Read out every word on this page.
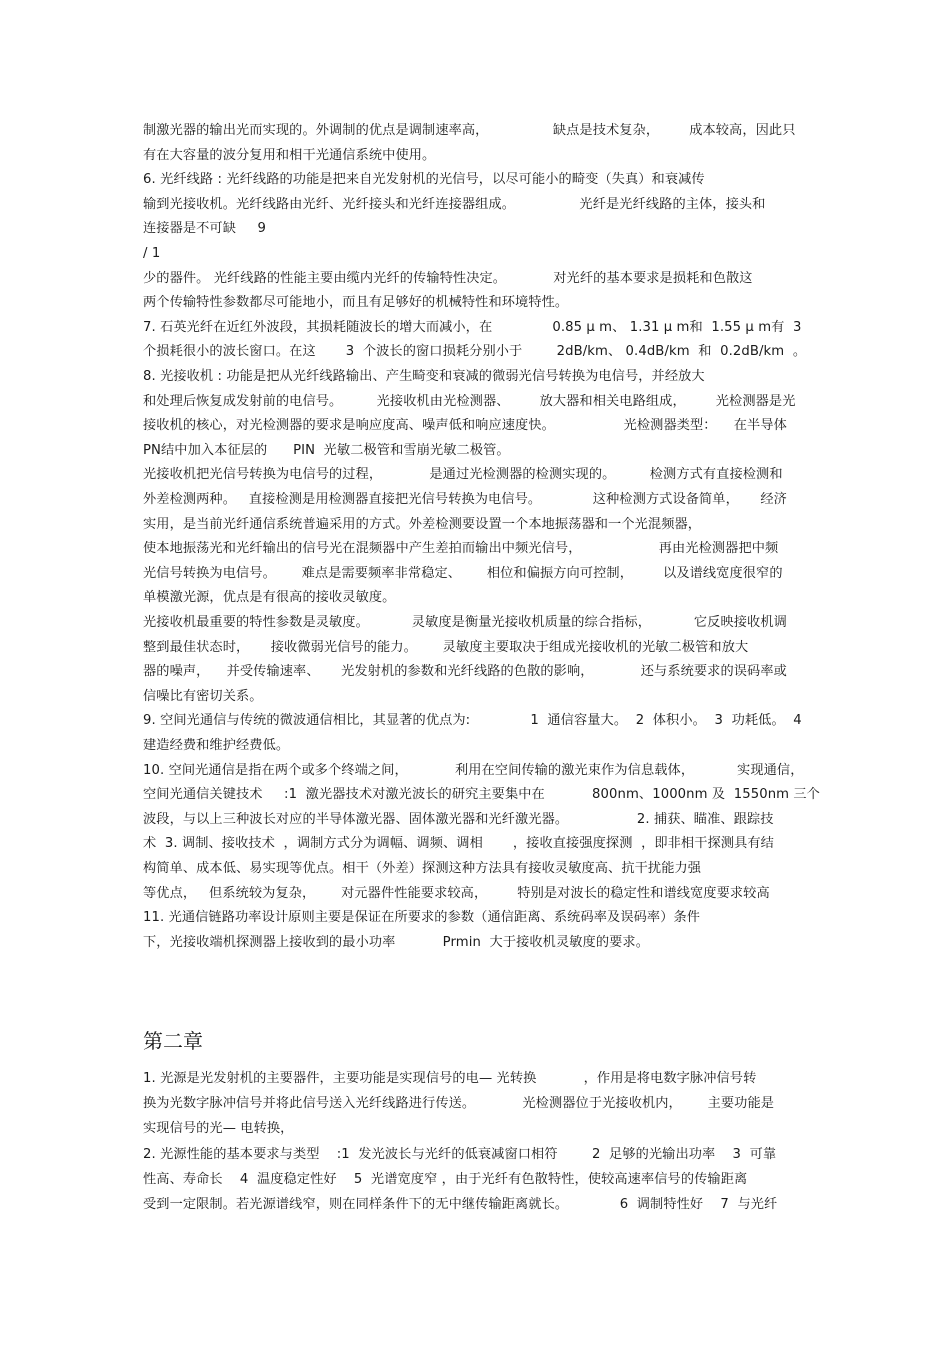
制激光器的输出光而实现的。外调制的优点是调制速率高，               缺点是技术复杂，       成本较高，因此只
有在大容量的波分复用和相干光通信系统中使用。
6. 光纤线路 : 光纤线路的功能是把来自光发射机的光信号，以尽可能小的畸变（失真）和衰减传
输到光接收机。光纤线路由光纤、光纤接头和光纤连接器组成。               光纤是光纤线路的主体，接头和
连接器是不可缺     9
/ 1
少的器件。 光纤线路的性能主要由缆内光纤的传输特性决定。           对光纤的基本要求是损耗和色散这
两个传输特性参数都尽可能地小，而且有足够好的机械特性和环境特性。
7. 石英光纤在近红外波段，其损耗随波长的增大而减小，在              0.85 μ m、 1.31 μ m和  1.55 μ m有  3
个损耗很小的波长窗口。在这       3  个波长的窗口损耗分别小于        2dB/km、 0.4dB/km  和  0.2dB/km  。
8. 光接收机 : 功能是把从光纤线路输出、产生畸变和衰减的微弱光信号转换为电信号，并经放大
和处理后恢复成发射前的电信号。        光接收机由光检测器、       放大器和相关电路组成，       光检测器是光
接收机的核心，对光检测器的要求是响应度高、噪声低和响应速度快。                光检测器类型：    在半导体
PN结中加入本征层的      PIN  光敏二极管和雪崩光敏二极管。
光接收机把光信号转换为电信号的过程，           是通过光检测器的检测实现的。        检测方式有直接检测和
外差检测两种。   直接检测是用检测器直接把光信号转换为电信号。            这种检测方式设备简单，     经济
实用，是当前光纤通信系统普遍采用的方式。外差检测要设置一个本地振荡器和一个光混频器，
使本地振荡光和光纤输出的信号光在混频器中产生差拍而输出中频光信号，                  再由光检测器把中频
光信号转换为电信号。      难点是需要频率非常稳定、      相位和偏振方向可控制，       以及谱线宽度很窄的
单模激光源，优点是有很高的接收灵敏度。
光接收机最重要的特性参数是灵敏度。          灵敏度是衡量光接收机质量的综合指标，          它反映接收机调
整到最佳状态时，     接收微弱光信号的能力。      灵敏度主要取决于组成光接收机的光敏二极管和放大
器的噪声，    并受传输速率、     光发射机的参数和光纤线路的色散的影响，           还与系统要求的误码率或
信噪比有密切关系。
9. 空间光通信与传统的微波通信相比，其显著的优点为:              1  通信容量大。  2  体积小。  3  功耗低。  4
建造经费和维护经费低。
10. 空间光通信是指在两个或多个终端之间，           利用在空间传输的激光束作为信息载体，          实现通信，
空间光通信关键技术     :1  激光器技术对激光波长的研究主要集中在           800nm、1000nm 及  1550nm 三个
波段，与以上三种波长对应的半导体激光器、固体激光器和光纤激光器。                2. 捕获、瞄准、跟踪技
术  3. 调制、接收技术  ，调制方式分为调幅、调频、调相       ，接收直接强度探测  ，即非相干探测具有结
构简单、成本低、易实现等优点。相干（外差）探测这种方法具有接收灵敏度高、抗干扰能力强
等优点，   但系统较为复杂，      对元器件性能要求较高，       特别是对波长的稳定性和谱线宽度要求较高
11. 光通信链路功率设计原则主要是保证在所要求的参数（通信距离、系统码率及误码率）条件
下，光接收端机探测器上接收到的最小功率           Prmin  大于接收机灵敏度的要求。
第二章
1. 光源是光发射机的主要器件，主要功能是实现信号的电— 光转换           ，作用是将电数字脉冲信号转
换为光数字脉冲信号并将此信号送入光纤线路进行传送。           光检测器位于光接收机内，      主要功能是
实现信号的光— 电转换，
2. 光源性能的基本要求与类型    :1  发光波长与光纤的低衰减窗口相符        2  足够的光输出功率    3  可靠
性高、寿命长    4  温度稳定性好    5  光谱宽度窄 ，由于光纤有色散特性，使较高速率信号的传输距离
受到一定限制。若光源谱线窄，则在同样条件下的无中继传输距离就长。            6  调制特性好    7  与光纤
